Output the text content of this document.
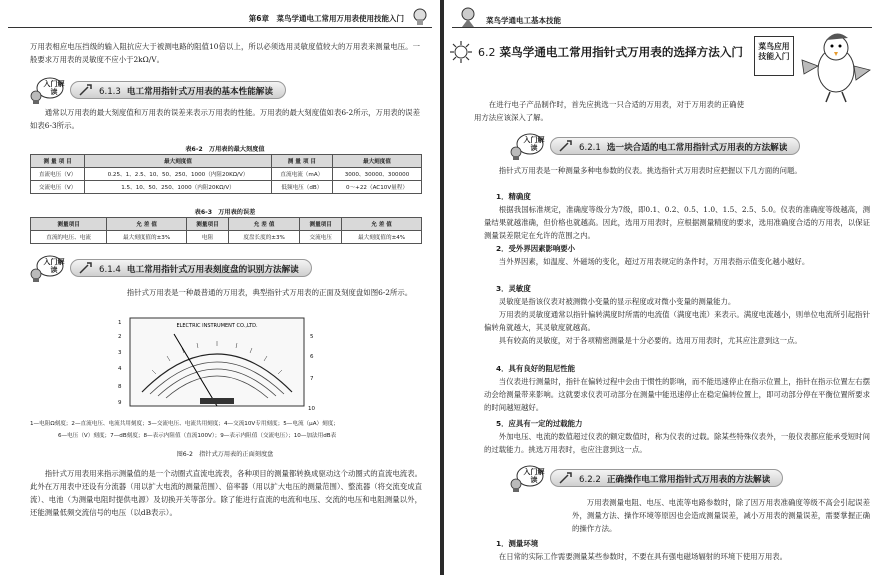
第6章　菜鸟学通电工常用万用表使用技能入门

万用表相应电压挡级的输入阻抗应大于被测电路的阻值10倍以上，所以必须选用灵敏度值较大的万用表来测量电压。一般要求万用表的灵敏度不应小于2kΩ/V。

入门解读	6.1.3 电工常用指针式万用表的基本性能解读

通常以万用表的最大刻度值和万用表的误差来表示万用表的性能。万用表的最大刻度值如表6-2所示，万用表的误差如表6-3所示。

表6-2　万用表的最大刻度值
测 量 项 目	最大刻度值	测 量 项 目	最大刻度值
直流电压（V）	0.25、1、2.5、10、50、250、1000（内阻20KΩ/V）	直流电流（mA）	3000、30000、300000
交流电压（V）	1.5、10、50、250、1000（内阻20KΩ/V）	低频电压（dB）	0～+22（AC10V量程）
表6-3　万用表的误差
测量项目	允 差 值	测量项目	允 差 值	测量项目	允 差 值
直流的电压、电流	最大刻度值的±3%	电阻	度盘长度的±3%	交流电压	最大刻度值的±4%
入门解读	6.1.4 电工常用指针式万用表刻度盘的识别方法解读

指针式万用表是一种最普通的万用表，典型指针式万用表的正面及刻度盘如图6-2所示。

ELECTRIC INSTRUMENT CO.,LTD.
1
2
3
4
8
9
5
6
7
10
1—电阻Ω刻度；2—直流电压、电流共用刻度；3—交流电压、电流共用刻度；4—交流10V专用刻度；5—电流（μA）刻度；
6—电压（V）刻度；7—dB刻度；8—表示内阻值（直流100V）；9—表示内阻值（交流电压）；10—加法用dB表
图6-2　指针式万用表的正面刻度盘

指针式万用表用来指示测量值的是一个动圈式直流电流表，各种项目的测量都转换成驱动这个动圈式的直流电流表。此外在万用表中还设有分流器（用以扩大电流的测量范围）、倍率器（用以扩大电压的测量范围）、整流器（将交流变成直流）、电池（为测量电阻时提供电源）及切换开关等部分。除了能进行直流的电流和电压、交流的电压和电阻测量以外，还能测量低频交流信号的电压（以dB表示）。

菜鸟学通电工基本技能
6.2 菜鸟学通电工常用指针式万用表的选择方法入门	菜鸟应用技能入门

在进行电子产品制作时，首先应挑选一只合适的万用表，对于万用表的正确使用方法应该深入了解。

入门解读	6.2.1 选一块合适的电工常用指针式万用表的方法解读

指针式万用表是一种测量多种电参数的仪表。挑选指针式万用表时应把握以下几方面的问题。

1．精确度

根据我国标准规定，准确度等级分为7级，即0.1、0.2、0.5、1.0、1.5、2.5、5.0。仪表的准确度等级越高，测量结果就越准确，但价格也就越高。因此，选用万用表时，应根据测量精度的要求，选用准确度合适的万用表，以保证测量误差限定在允许的范围之内。

2．受外界因素影响要小

当外界因素，如温度、外磁场的变化，超过万用表规定的条件时，万用表指示值变化越小越好。

3．灵敏度

灵敏度是指该仪表对被测微小变量的显示程度或对微小变量的测量能力。

万用表的灵敏度通常以指针偏转满度时所需的电流值（满度电流）来表示。满度电流越小，则单位电流所引起指针偏转角就越大，其灵敏度就越高。

具有较高的灵敏度，对于各项精密测量是十分必要的。选用万用表时，尤其应注意到这一点。

4．具有良好的阻尼性能

当仪表进行测量时，指针在偏转过程中会由于惯性的影响，而不能迅速停止在指示位置上，指针在指示位置左右摆动会给测量带来影响。这就要求仪表可动部分在测量中能迅速停止在稳定偏转位置上，即可动部分停在平衡位置所要求的时间越短越好。

5．应具有一定的过载能力

外加电压、电流的数值超过仪表的额定数值时，称为仪表的过载。除某些特殊仪表外，一般仪表都应能承受短时间的过载能力。挑选万用表时，也应注意到这一点。

入门解读	6.2.2 正确操作电工常用指针式万用表的方法解读

万用表测量电阻、电压、电流等电路参数时，除了因万用表准确度等级不高会引起误差外，测量方法、操作环境等原因也会造成测量误差，减小万用表的测量误差，需要掌握正确的操作方法。

1．测量环境

在日常的实际工作需要测量某些参数时，不要在具有强电磁场辐射的环境下使用万用表。
